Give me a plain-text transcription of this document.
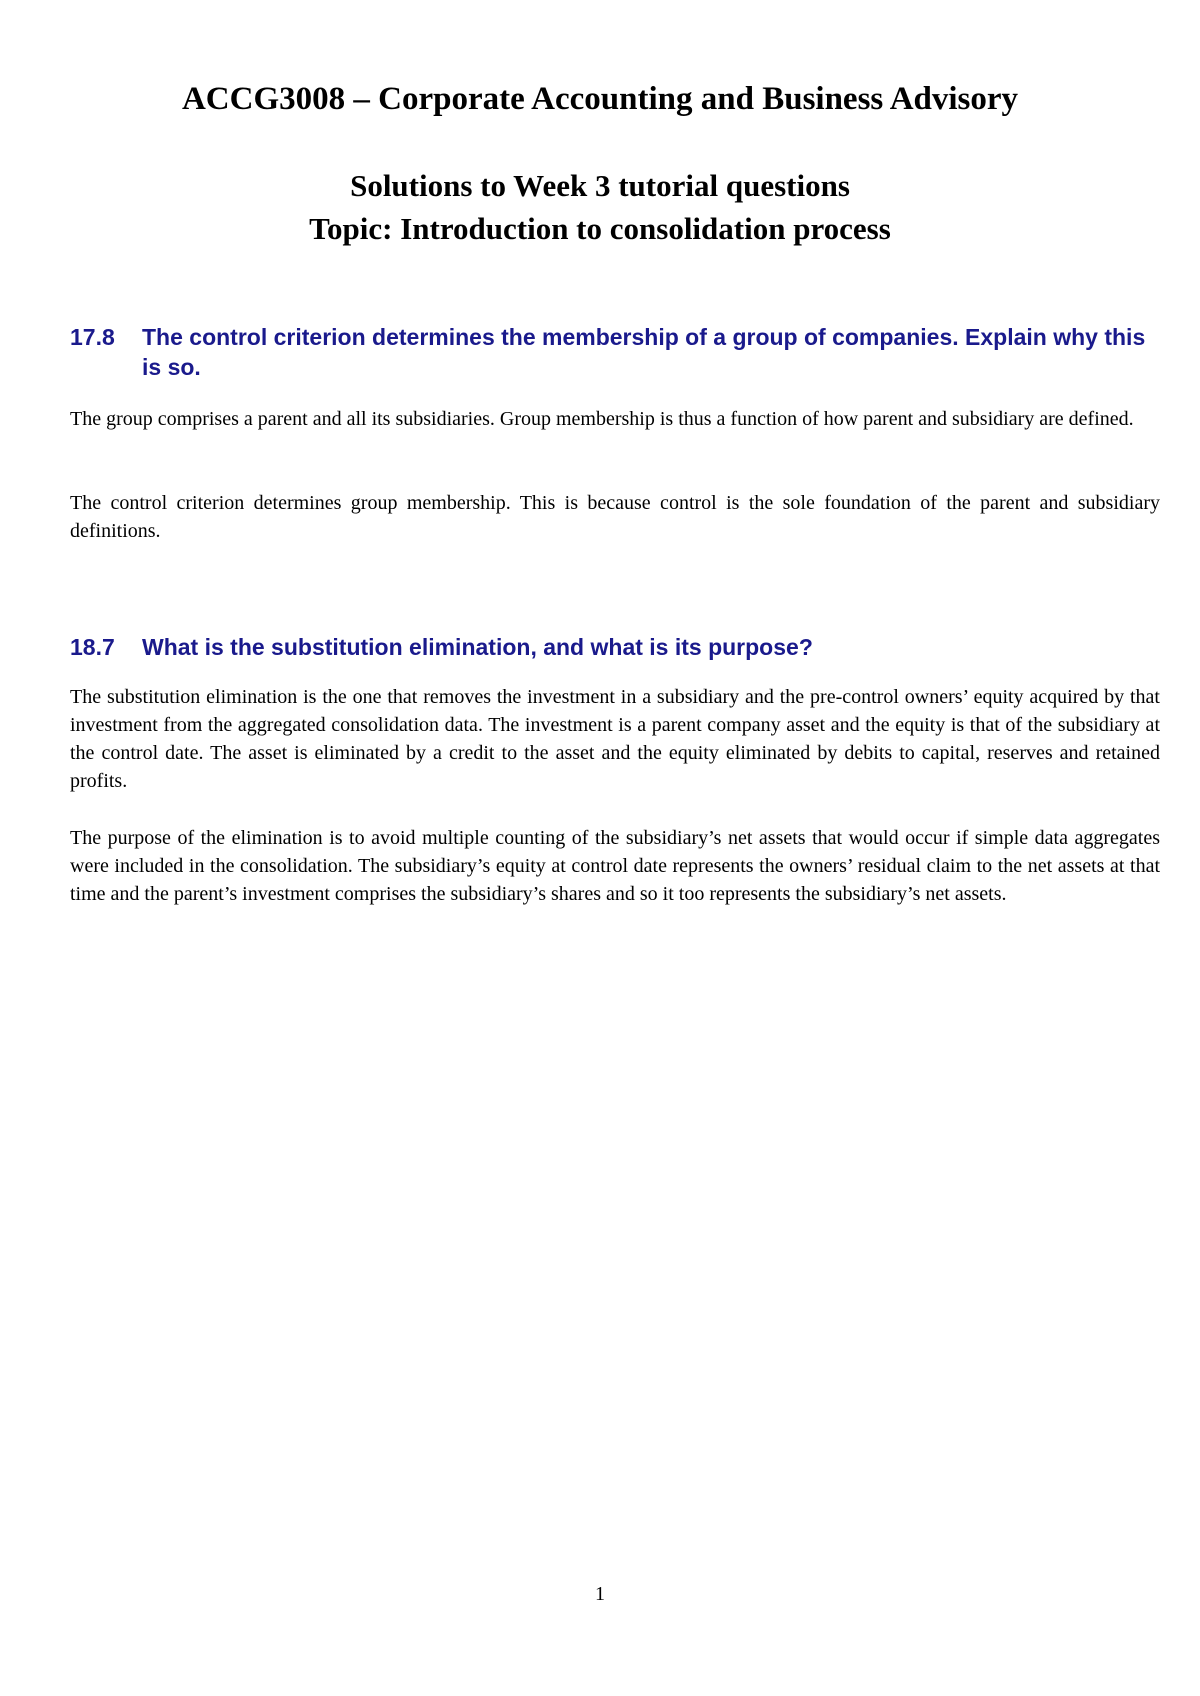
ACCG3008 – Corporate Accounting and Business Advisory
Solutions to Week 3 tutorial questions
Topic: Introduction to consolidation process
17.8 The control criterion determines the membership of a group of companies. Explain why this is so.

The group comprises a parent and all its subsidiaries. Group membership is thus a function of how parent and subsidiary are defined.

The control criterion determines group membership. This is because control is the sole foundation of the parent and subsidiary definitions.

18.7 What is the substitution elimination, and what is its purpose?

The substitution elimination is the one that removes the investment in a subsidiary and the pre-control owners’ equity acquired by that investment from the aggregated consolidation data. The investment is a parent company asset and the equity is that of the subsidiary at the control date. The asset is eliminated by a credit to the asset and the equity eliminated by debits to capital, reserves and retained profits.

The purpose of the elimination is to avoid multiple counting of the subsidiary’s net assets that would occur if simple data aggregates were included in the consolidation. The subsidiary’s equity at control date represents the owners’ residual claim to the net assets at that time and the parent’s investment comprises the subsidiary’s shares and so it too represents the subsidiary’s net assets.

1
